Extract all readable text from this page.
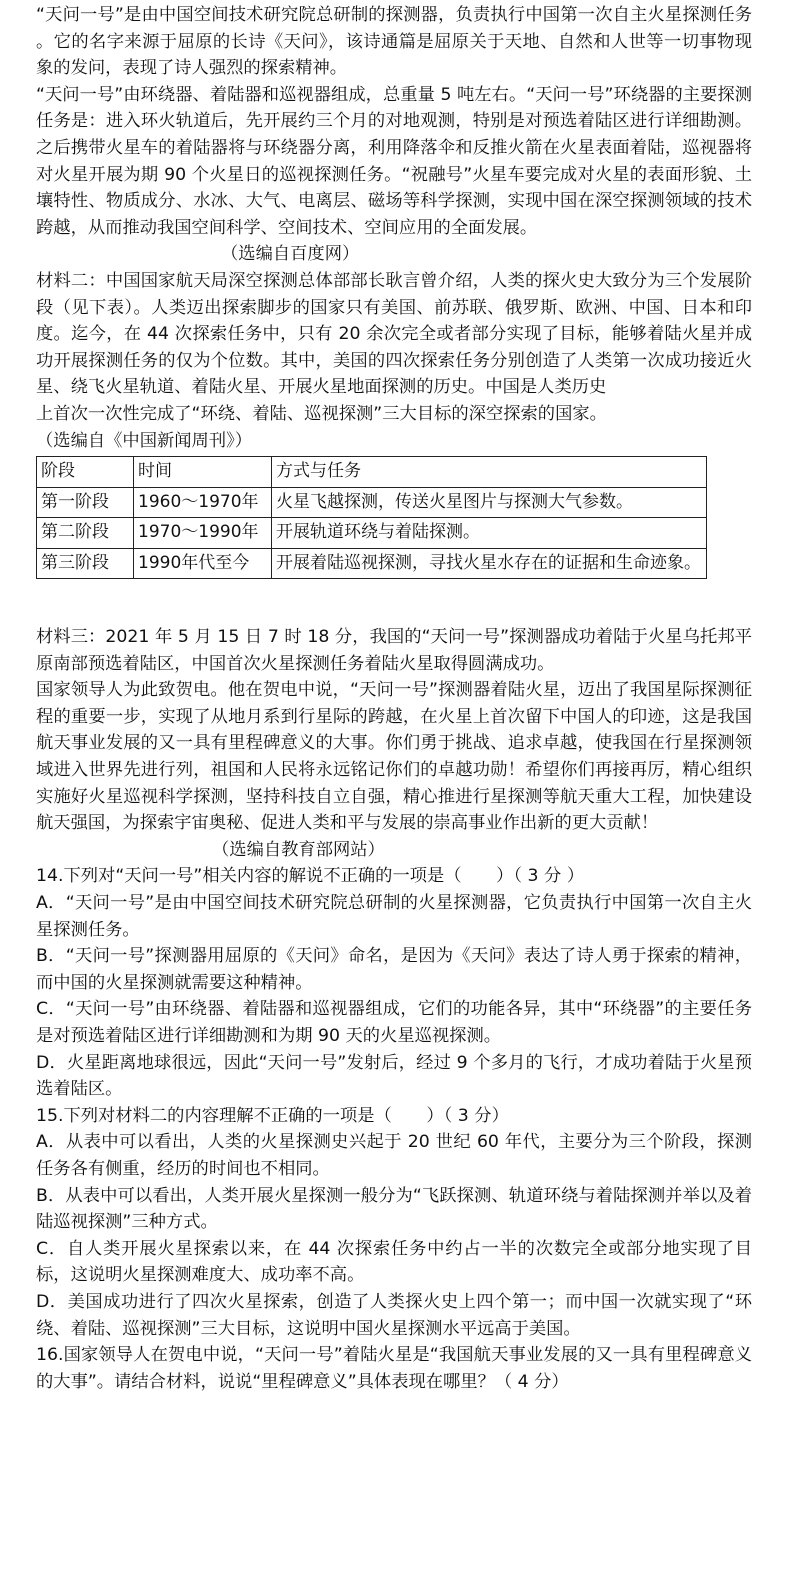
“天问一号”是由中国空间技术研究院总研制的探测器，负责执行中国第一次自主火星探测任务 。它的名字来源于屈原的长诗《天问》，该诗通篇是屈原关于天地、自然和人世等一切事物现象的发问，表现了诗人强烈的探索精神。

“天问一号”由环绕器、着陆器和巡视器组成，总重量 5 吨左右。“天问一号”环绕器的主要探测任务是：进入环火轨道后，先开展约三个月的对地观测，特别是对预选着陆区进行详细勘测。之后携带火星车的着陆器将与环绕器分离，利用降落伞和反推火箭在火星表面着陆，巡视器将对火星开展为期 90 个火星日的巡视探测任务。“祝融号”火星车要完成对火星的表面形貌、土壤特性、物质成分、水冰、大气、电离层、磁场等科学探测，实现中国在深空探测领域的技术跨越，从而推动我国空间科学、空间技术、空间应用的全面发展。

（选编自百度网）

材料二：中国国家航天局深空探测总体部部长耿言曾介绍，人类的探火史大致分为三个发展阶段（见下表）。人类迈出探索脚步的国家只有美国、前苏联、俄罗斯、欧洲、中国、日本和印度。迄今，在 44 次探索任务中，只有 20 余次完全或者部分实现了目标，能够着陆火星并成功开展探测任务的仅为个位数。其中，美国的四次探索任务分别创造了人类第一次成功接近火星、绕飞火星轨道、着陆火星、开展火星地面探测的历史。中国是人类历史

上首次一次性完成了“环绕、着陆、巡视探测”三大目标的深空探索的国家。

（选编自《中国新闻周刊》）

阶段	时间	方式与任务
第一阶段	1960～1970年	火星飞越探测，传送火星图片与探测大气参数。
第二阶段	1970～1990年	开展轨道环绕与着陆探测。
第三阶段	1990年代至今	开展着陆巡视探测，寻找火星水存在的证据和生命迹象。

材料三：2021 年 5 月 15 日 7 时 18 分，我国的“天问一号”探测器成功着陆于火星乌托邦平原南部预选着陆区，中国首次火星探测任务着陆火星取得圆满成功。

国家领导人为此致贺电。他在贺电中说，“天问一号”探测器着陆火星，迈出了我国星际探测征程的重要一步，实现了从地月系到行星际的跨越，在火星上首次留下中国人的印迹，这是我国航天事业发展的又一具有里程碑意义的大事。你们勇于挑战、追求卓越，使我国在行星探测领域进入世界先进行列，祖国和人民将永远铭记你们的卓越功勋！希望你们再接再厉，精心组织实施好火星巡视科学探测，坚持科技自立自强，精心推进行星探测等航天重大工程，加快建设航天强国，为探索宇宙奥秘、促进人类和平与发展的崇高事业作出新的更大贡献！

（选编自教育部网站）

14.下列对“天问一号”相关内容的解说不正确的一项是（　　）（ 3 分 ）

A．“天问一号”是由中国空间技术研究院总研制的火星探测器，它负责执行中国第一次自主火星探测任务。

B．“天问一号”探测器用屈原的《天问》命名，是因为《天问》表达了诗人勇于探索的精神，而中国的火星探测就需要这种精神。

C．“天问一号”由环绕器、着陆器和巡视器组成，它们的功能各异，其中“环绕器”的主要任务是对预选着陆区进行详细勘测和为期 90 天的火星巡视探测。

D．火星距离地球很远，因此“天问一号”发射后，经过 9 个多月的飞行，才成功着陆于火星预选着陆区。

15.下列对材料二的内容理解不正确的一项是（　　）（ 3 分）

A．从表中可以看出，人类的火星探测史兴起于 20 世纪 60 年代，主要分为三个阶段，探测任务各有侧重，经历的时间也不相同。

B．从表中可以看出，人类开展火星探测一般分为“飞跃探测、轨道环绕与着陆探测并举以及着陆巡视探测”三种方式。

C．自人类开展火星探索以来，在 44 次探索任务中约占一半的次数完全或部分地实现了目标，这说明火星探测难度大、成功率不高。

D．美国成功进行了四次火星探索，创造了人类探火史上四个第一；而中国一次就实现了“环绕、着陆、巡视探测”三大目标，这说明中国火星探测水平远高于美国。

16.国家领导人在贺电中说，“天问一号”着陆火星是“我国航天事业发展的又一具有里程碑意义的大事”。请结合材料，说说“里程碑意义”具体表现在哪里？（ 4 分）
